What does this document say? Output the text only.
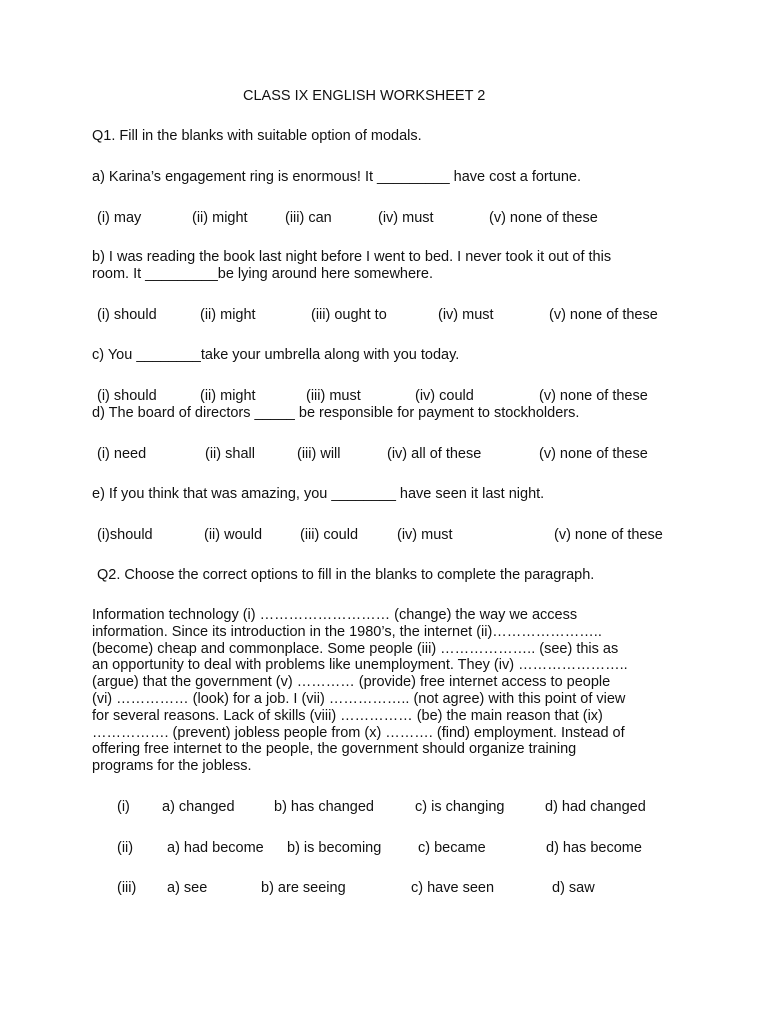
CLASS IX ENGLISH WORKSHEET 2
Q1. Fill in the blanks with suitable option of modals.
a) Karina’s engagement ring is enormous! It _________ have cost a fortune.
(i) may	(ii) might	(iii) can	(iv) must	(v) none of these
b) I was reading the book last night before I went to bed. I never took it out of this
room. It _________be lying around here somewhere.
(i) should	(ii) might	(iii) ought to	(iv) must	(v) none of these
c) You ________take your umbrella along with you today.
(i) should	(ii) might	(iii) must	(iv) could	(v) none of these
d) The board of directors _____ be responsible for payment to stockholders.
(i) need	(ii) shall	(iii) will	(iv) all of these	(v) none of these
e) If you think that was amazing, you ________ have seen it last night.
(i)should	(ii) would	(iii) could	(iv) must	(v) none of these
Q2. Choose the correct options to fill in the blanks to complete the paragraph.
Information technology (i) ……………………… (change) the way we access
information. Since its introduction in the 1980’s, the internet (ii)…………………..
(become) cheap and commonplace. Some people (iii) ……………….. (see) this as
an opportunity to deal with problems like unemployment. They (iv) …………………..
(argue) that the government (v) ………… (provide) free internet access to people
(vi) …………… (look) for a job. I (vii) …………….. (not agree) with this point of view
for several reasons. Lack of skills (viii) …………… (be) the main reason that (ix)
……………. (prevent) jobless people from (x) ………. (find) employment. Instead of
offering free internet to the people, the government should organize training
programs for the jobless.
(i) a) changed	b) has changed	c) is changing	d) had changed
(ii) a) had become b) is becoming	c) became	d) has become
(iii) a) see	b) are seeing	c) have seen	d) saw
